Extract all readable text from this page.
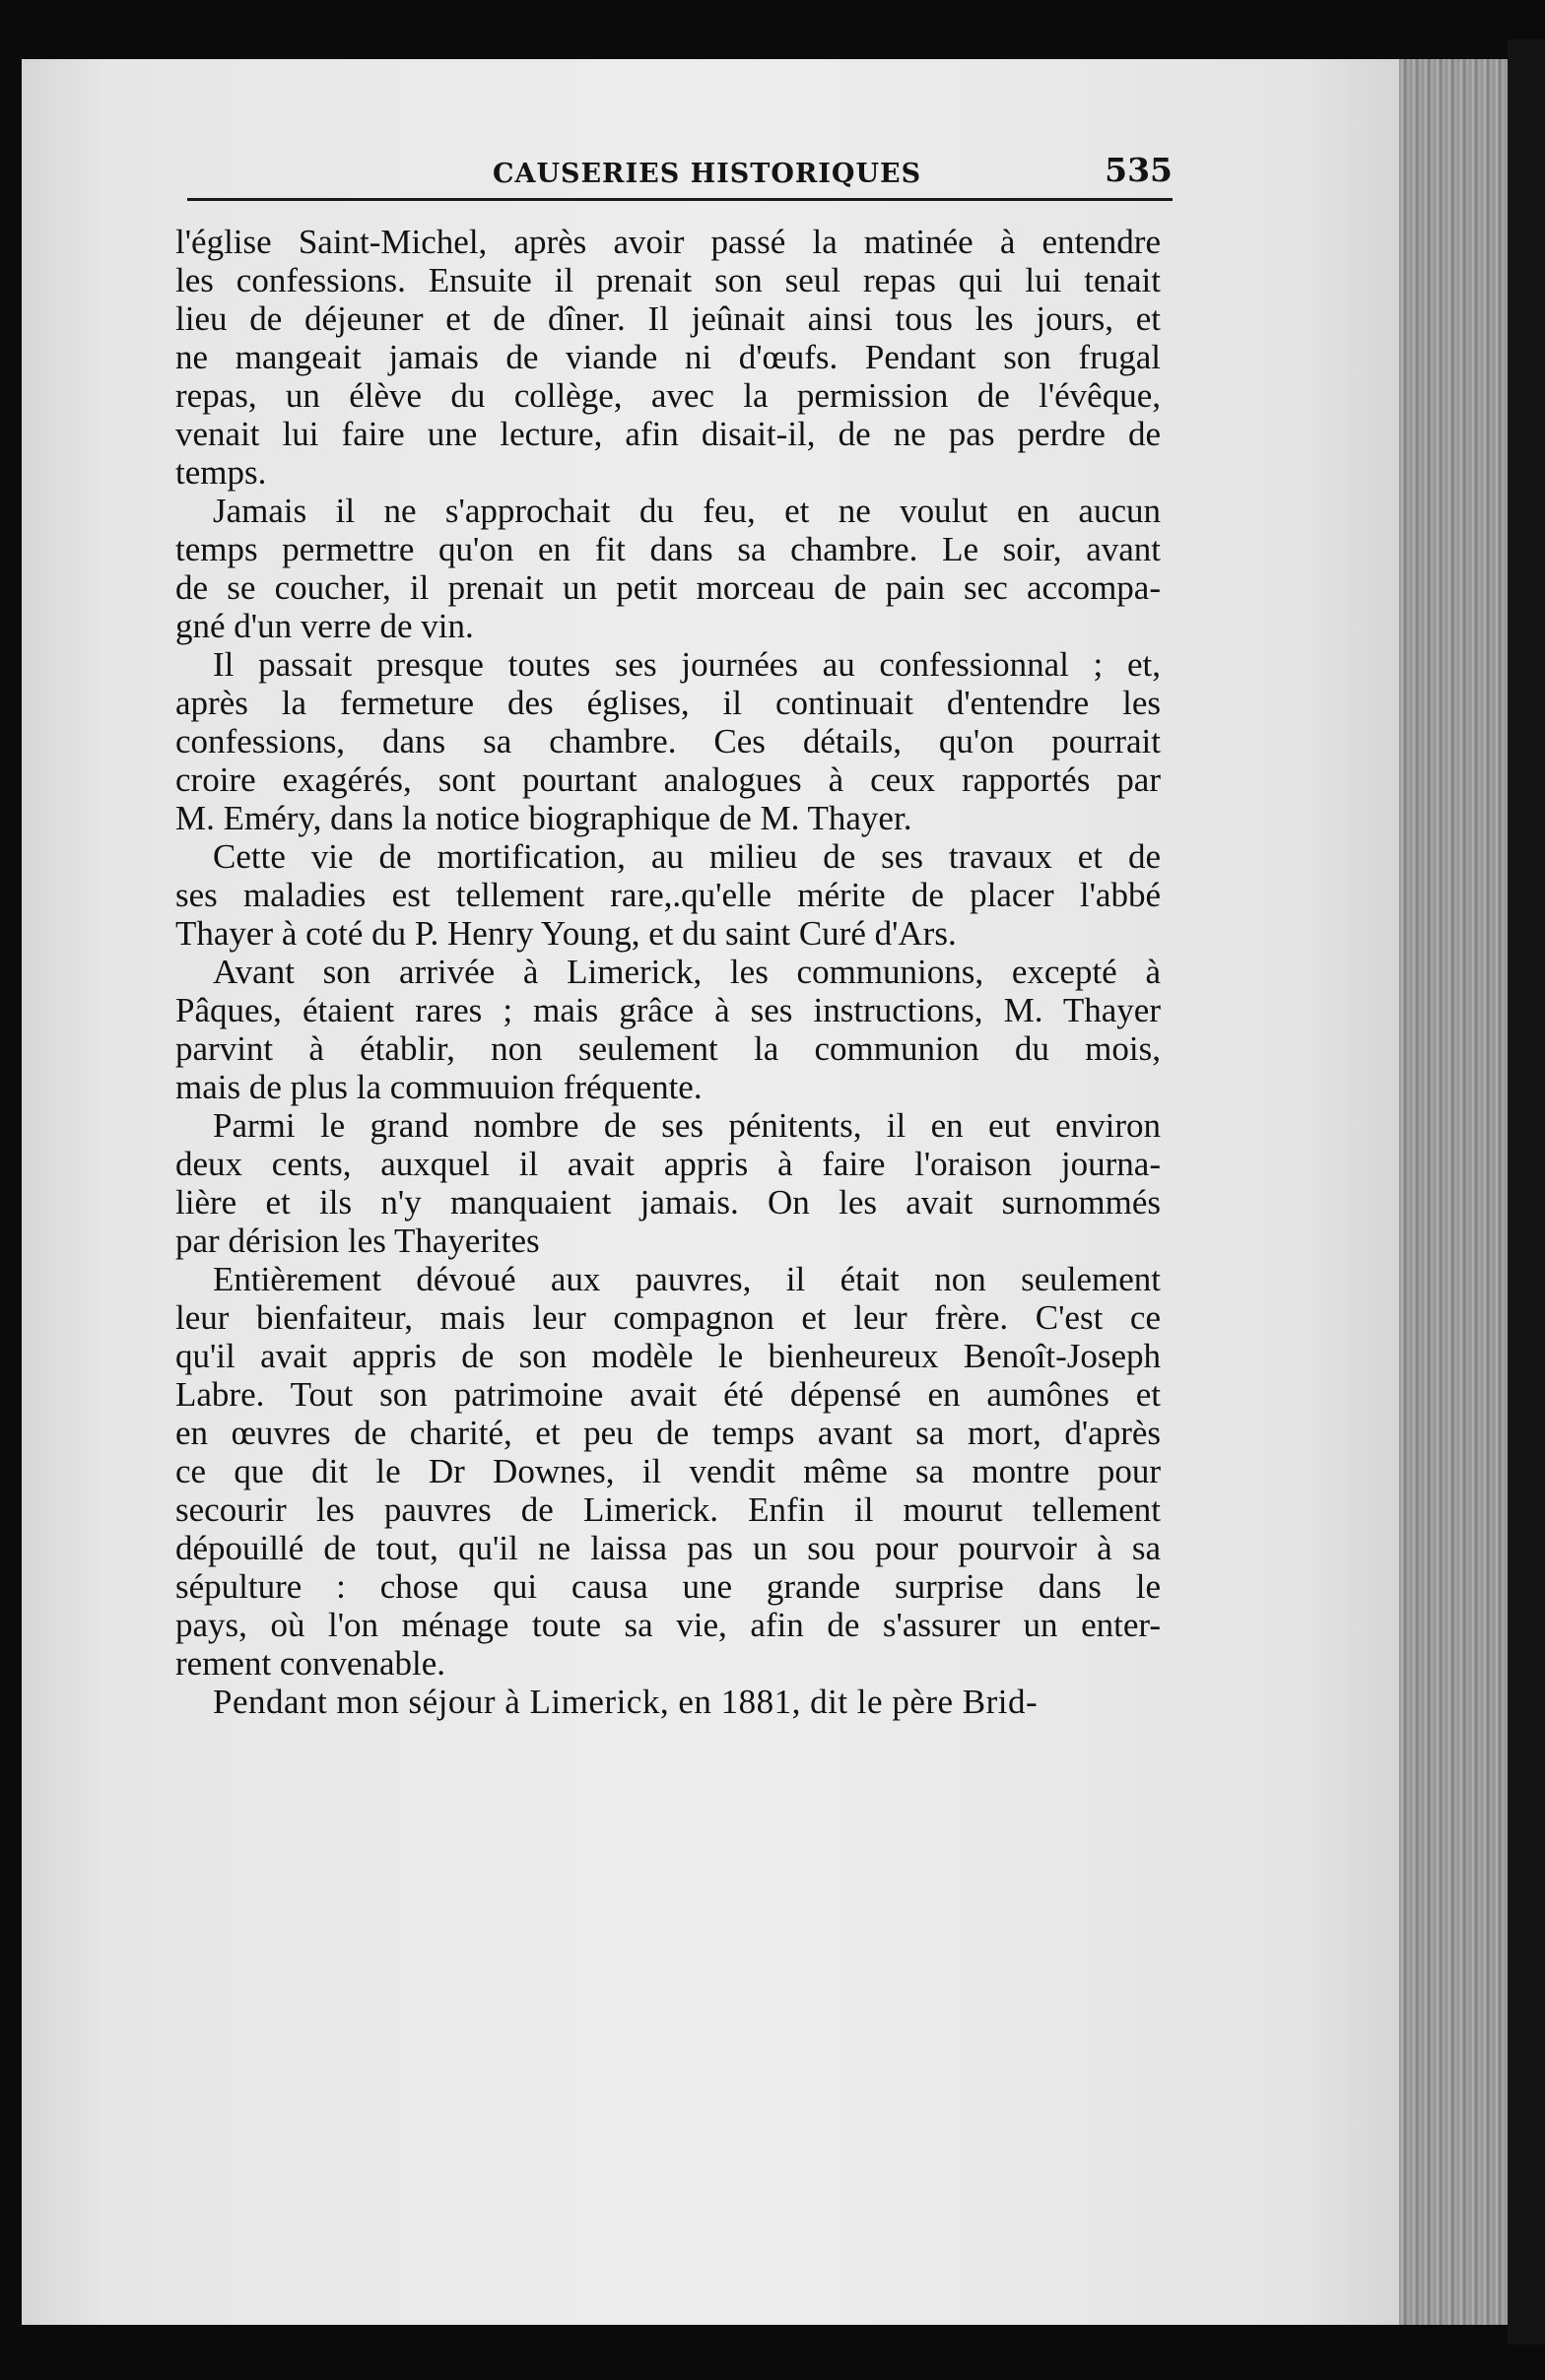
CAUSERIES HISTORIQUES	535
l'église Saint-Michel, après avoir passé la matinée à entendre
les confessions. Ensuite il prenait son seul repas qui lui tenait
lieu de déjeuner et de dîner. Il jeûnait ainsi tous les jours, et
ne mangeait jamais de viande ni d'œufs. Pendant son frugal
repas, un élève du collège, avec la permission de l'évêque,
venait lui faire une lecture, afin disait-il, de ne pas perdre de
temps.
Jamais il ne s'approchait du feu, et ne voulut en aucun
temps permettre qu'on en fit dans sa chambre. Le soir, avant
de se coucher, il prenait un petit morceau de pain sec accompa-
gné d'un verre de vin.
Il passait presque toutes ses journées au confessionnal ; et,
après la fermeture des églises, il continuait d'entendre les
confessions, dans sa chambre. Ces détails, qu'on pourrait
croire exagérés, sont pourtant analogues à ceux rapportés par
M. Eméry, dans la notice biographique de M. Thayer.
Cette vie de mortification, au milieu de ses travaux et de
ses maladies est tellement rare,.qu'elle mérite de placer l'abbé
Thayer à coté du P. Henry Young, et du saint Curé d'Ars.
Avant son arrivée à Limerick, les communions, excepté à
Pâques, étaient rares ; mais grâce à ses instructions, M. Thayer
parvint à établir, non seulement la communion du mois,
mais de plus la commuuion fréquente.
Parmi le grand nombre de ses pénitents, il en eut environ
deux cents, auxquel il avait appris à faire l'oraison journa-
lière et ils n'y manquaient jamais. On les avait surnommés
par dérision les Thayerites
Entièrement dévoué aux pauvres, il était non seulement
leur bienfaiteur, mais leur compagnon et leur frère. C'est ce
qu'il avait appris de son modèle le bienheureux Benoît-Joseph
Labre. Tout son patrimoine avait été dépensé en aumônes et
en œuvres de charité, et peu de temps avant sa mort, d'après
ce que dit le Dr Downes, il vendit même sa montre pour
secourir les pauvres de Limerick. Enfin il mourut tellement
dépouillé de tout, qu'il ne laissa pas un sou pour pourvoir à sa
sépulture : chose qui causa une grande surprise dans le
pays, où l'on ménage toute sa vie, afin de s'assurer un enter-
rement convenable.
Pendant mon séjour à Limerick, en 1881, dit le père Brid-
